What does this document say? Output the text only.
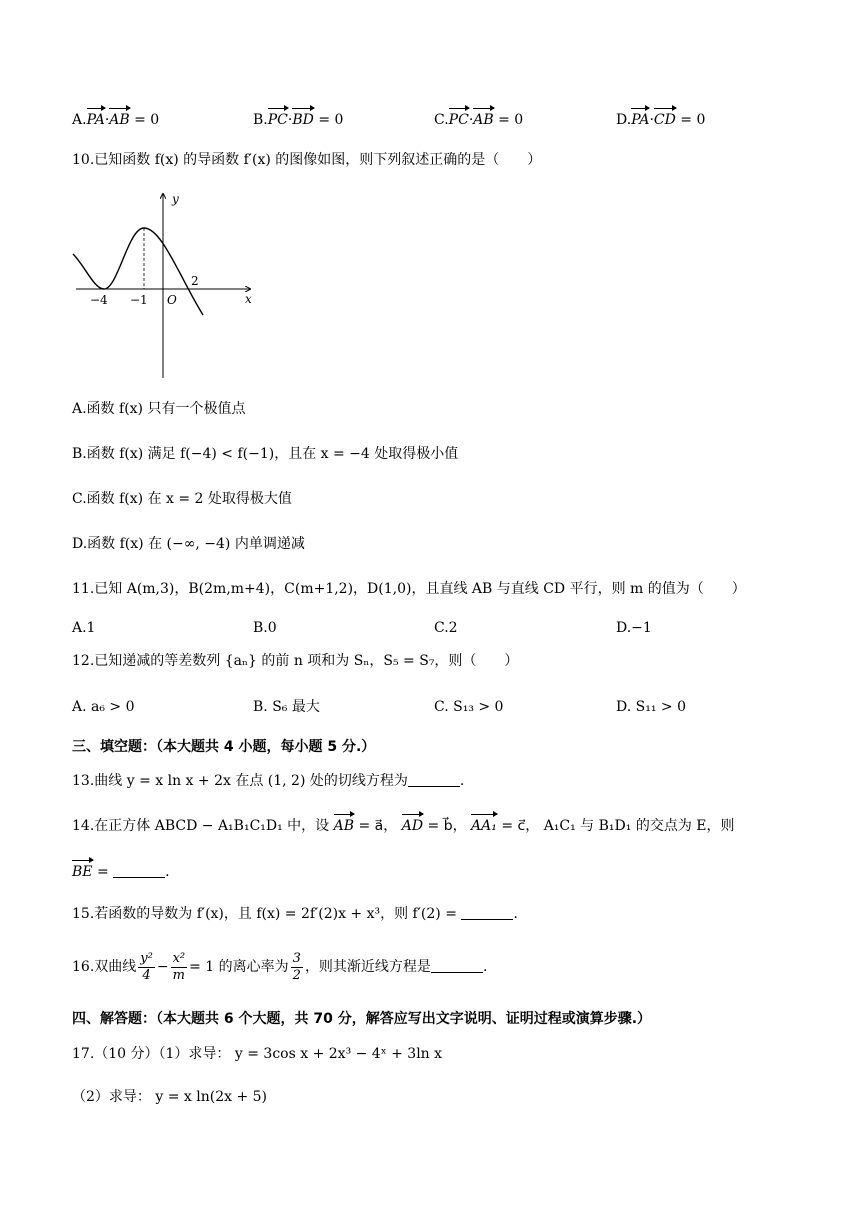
A.PA·AB = 0	B.PC·BD = 0	C.PC·AB = 0	D.PA·CD = 0
10.已知函数 f(x) 的导函数 f′(x) 的图像如图，则下列叙述正确的是（　　）
y
x
O
−4 −1
2
A.函数 f(x) 只有一个极值点
B.函数 f(x) 满足 f(−4) < f(−1)，且在 x = −4 处取得极小值
C.函数 f(x) 在 x = 2 处取得极大值
D.函数 f(x) 在 (−∞, −4) 内单调递减
11.已知 A(m,3)，B(2m,m+4)，C(m+1,2)，D(1,0)，且直线 AB 与直线 CD 平行，则 m 的值为（　　）
A.1	B.0	C.2	D.−1
12.已知递减的等差数列 {aₙ} 的前 n 项和为 Sₙ，S₅ = S₇，则（　　）
A. a₆ > 0	B. S₆ 最大	C. S₁₃ > 0	D. S₁₁ > 0
三、填空题：（本大题共 4 小题，每小题 5 分.）
13.曲线 y = x ln x + 2x 在点 (1, 2) 处的切线方程为	.
14.在正方体 ABCD − A₁B₁C₁D₁ 中，设 AB = a⃗， AD = b⃗， AA₁ = c⃗， A₁C₁ 与 B₁D₁ 的交点为 E，则
BE =	.
15.若函数的导数为 f′(x)，且 f(x) = 2f′(2)x + x³，则 f′(2) =	.
16.双曲线 $\frac{\text{y²}}{4} - \frac{\text{x²}}{m} = 1$ 的离心率为 $\frac{3}{2}$ ，则其渐近线方程是	.
四、解答题：（本大题共 6 个大题，共 70 分，解答应写出文字说明、证明过程或演算步骤.）
17.（10 分）（1）求导： y = 3cos x + 2x³ − 4ˣ + 3ln x
（2）求导： y = x ln(2x + 5)
